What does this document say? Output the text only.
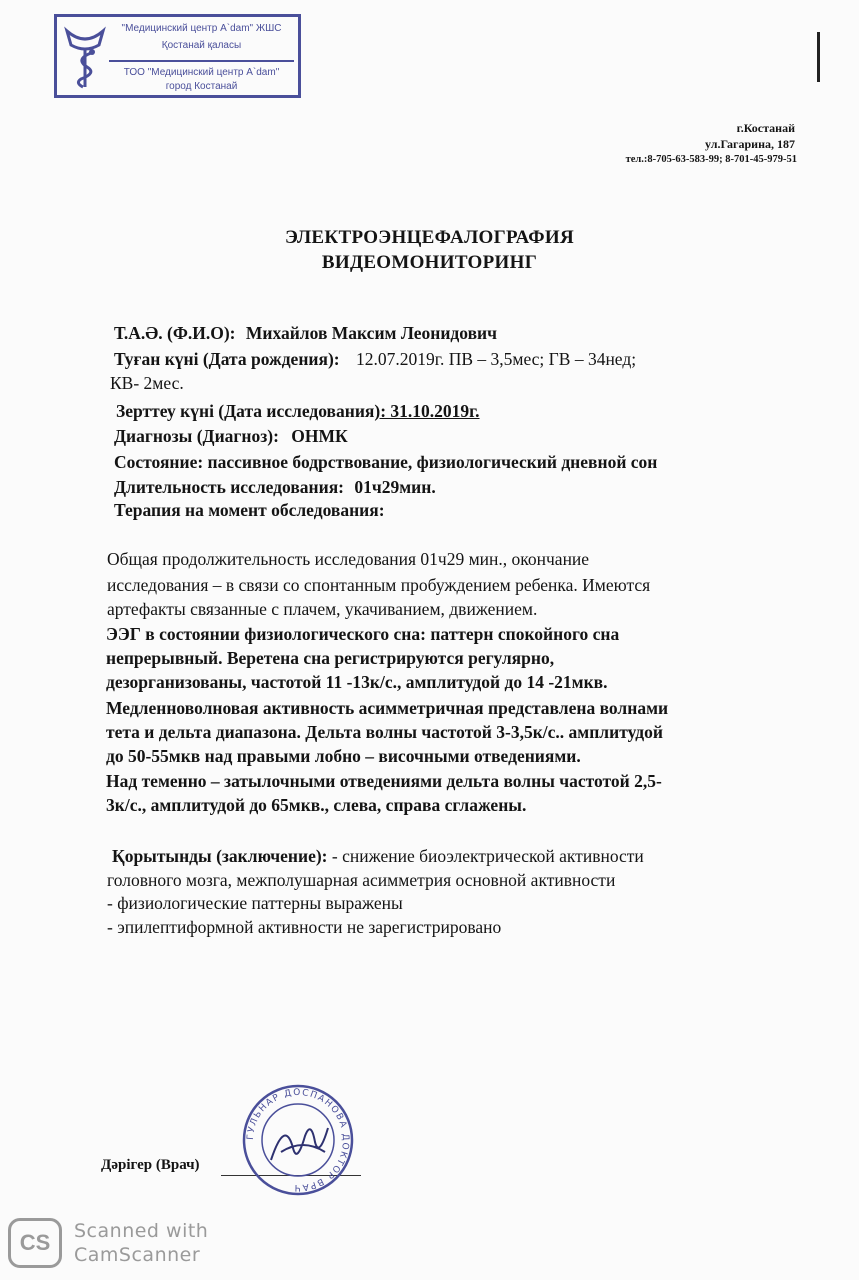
"Медицинский центр A`dam" ЖШС
Қостанай қаласы
ТОО "Медицинский центр A`dam"
город Костанай
г.Костанай
ул.Гагарина, 187
тел.:8-705-63-583-99; 8-701-45-979-51
ЭЛЕКТРОЭНЦЕФАЛОГРАФИЯ
ВИДЕОМОНИТОРИНГ
Т.А.Ә. (Ф.И.О): Михайлов Максим Леонидович
Туған күні (Дата рождения): 12.07.2019г. ПВ – 3,5мес; ГВ – 34нед;
КВ- 2мес.
Зерттеу күні (Дата исследования): 31.10.2019г.
Диагнозы (Диагноз): ОНМК
Состояние: пассивное бодрствование, физиологический дневной сон
Длительность исследования: 01ч29мин.
Терапия на момент обследования:
Общая продолжительность исследования 01ч29 мин., окончание
исследования – в связи со спонтанным пробуждением ребенка. Имеются
артефакты связанные с плачем, укачиванием, движением.
ЭЭГ в состоянии физиологического сна: паттерн спокойного сна
непрерывный. Веретена сна регистрируются регулярно,
дезорганизованы, частотой 11 -13к/с., амплитудой до 14 -21мкв.
Медленноволновая активность асимметричная представлена волнами
тета и дельта диапазона. Дельта волны частотой 3-3,5к/с.. амплитудой
до 50-55мкв над правыми лобно – височными отведениями.
Над теменно – затылочными отведениями дельта волны частотой 2,5-
3к/с., амплитудой до 65мкв., слева, справа сглажены.
Қорытынды (заключение): - снижение биоэлектрической активности
головного мозга, межполушарная асимметрия основной активности
- физиологические паттерны выражены
- эпилептиформной активности не зарегистрировано
Дәрігер (Врач)
ГУЛЬНАР ДОСПАНОВА ДОКТОР ВРАЧ
CS	Scanned with
CamScanner
